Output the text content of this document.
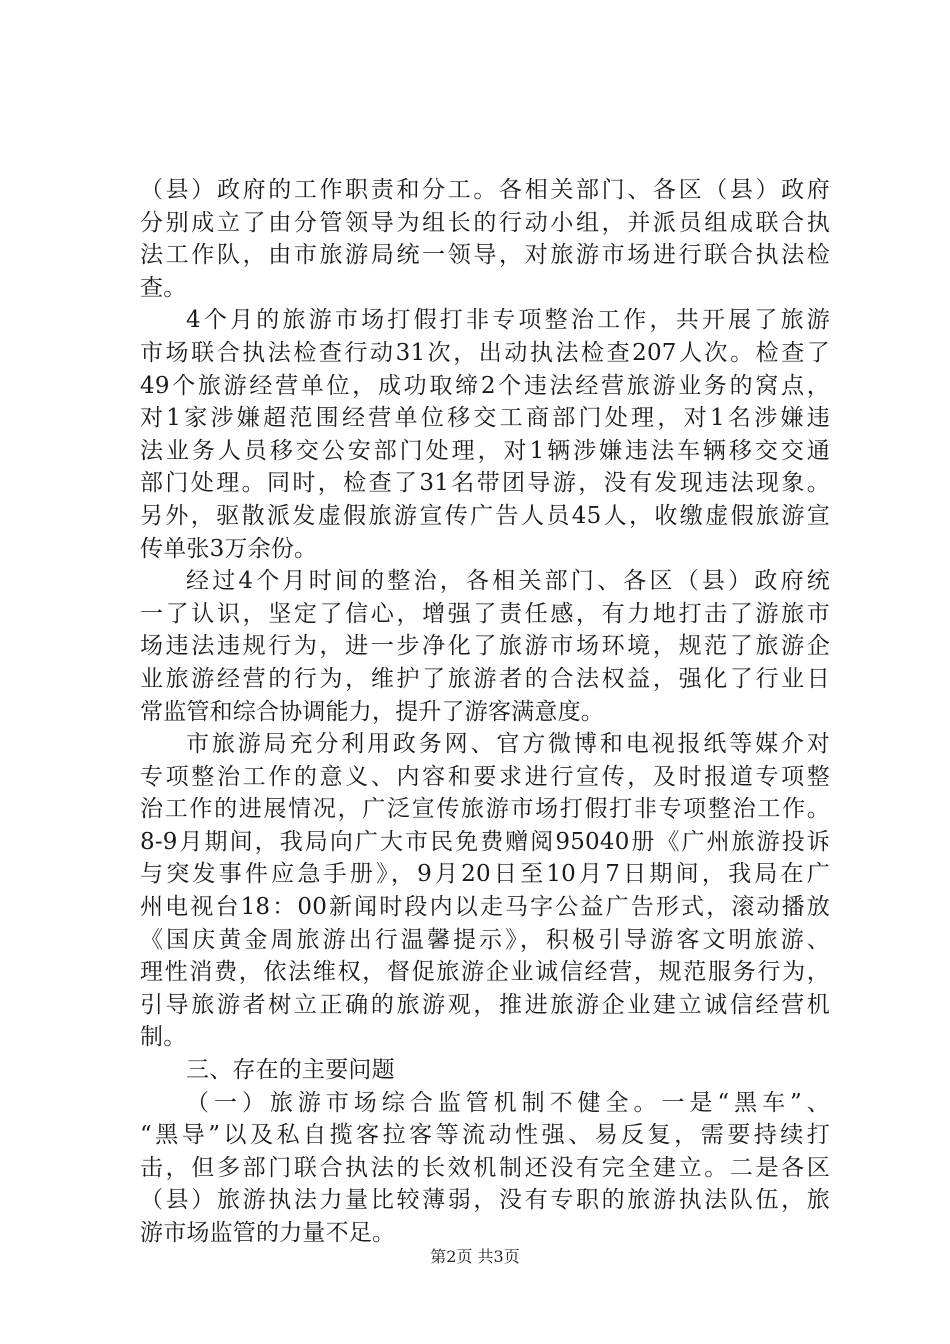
（县）政府的工作职责和分工。各相关部门、各区（县）政府
分别成立了由分管领导为组长的行动小组，并派员组成联合执
法工作队，由市旅游局统一领导，对旅游市场进行联合执法检
查。
4个月的旅游市场打假打非专项整治工作，共开展了旅游
市场联合执法检查行动31次，出动执法检查207人次。检查了
49个旅游经营单位，成功取缔2个违法经营旅游业务的窝点，
对1家涉嫌超范围经营单位移交工商部门处理，对1名涉嫌违
法业务人员移交公安部门处理，对1辆涉嫌违法车辆移交交通
部门处理。同时，检查了31名带团导游，没有发现违法现象。
另外，驱散派发虚假旅游宣传广告人员45人，收缴虚假旅游宣
传单张3万余份。
经过4个月时间的整治，各相关部门、各区（县）政府统
一了认识，坚定了信心，增强了责任感，有力地打击了游旅市
场违法违规行为，进一步净化了旅游市场环境，规范了旅游企
业旅游经营的行为，维护了旅游者的合法权益，强化了行业日
常监管和综合协调能力，提升了游客满意度。
市旅游局充分利用政务网、官方微博和电视报纸等媒介对
专项整治工作的意义、内容和要求进行宣传，及时报道专项整
治工作的进展情况，广泛宣传旅游市场打假打非专项整治工作。
8-9月期间，我局向广大市民免费赠阅95040册《广州旅游投诉
与突发事件应急手册》，9月20日至10月7日期间，我局在广
州电视台18：00新闻时段内以走马字公益广告形式，滚动播放
《国庆黄金周旅游出行温馨提示》，积极引导游客文明旅游、
理性消费，依法维权，督促旅游企业诚信经营，规范服务行为，
引导旅游者树立正确的旅游观，推进旅游企业建立诚信经营机
制。
三、存在的主要问题
（一）旅游市场综合监管机制不健全。一是“黑车”、
“黑导”以及私自揽客拉客等流动性强、易反复，需要持续打
击，但多部门联合执法的长效机制还没有完全建立。二是各区
（县）旅游执法力量比较薄弱，没有专职的旅游执法队伍，旅
游市场监管的力量不足。
第2页 共3页
